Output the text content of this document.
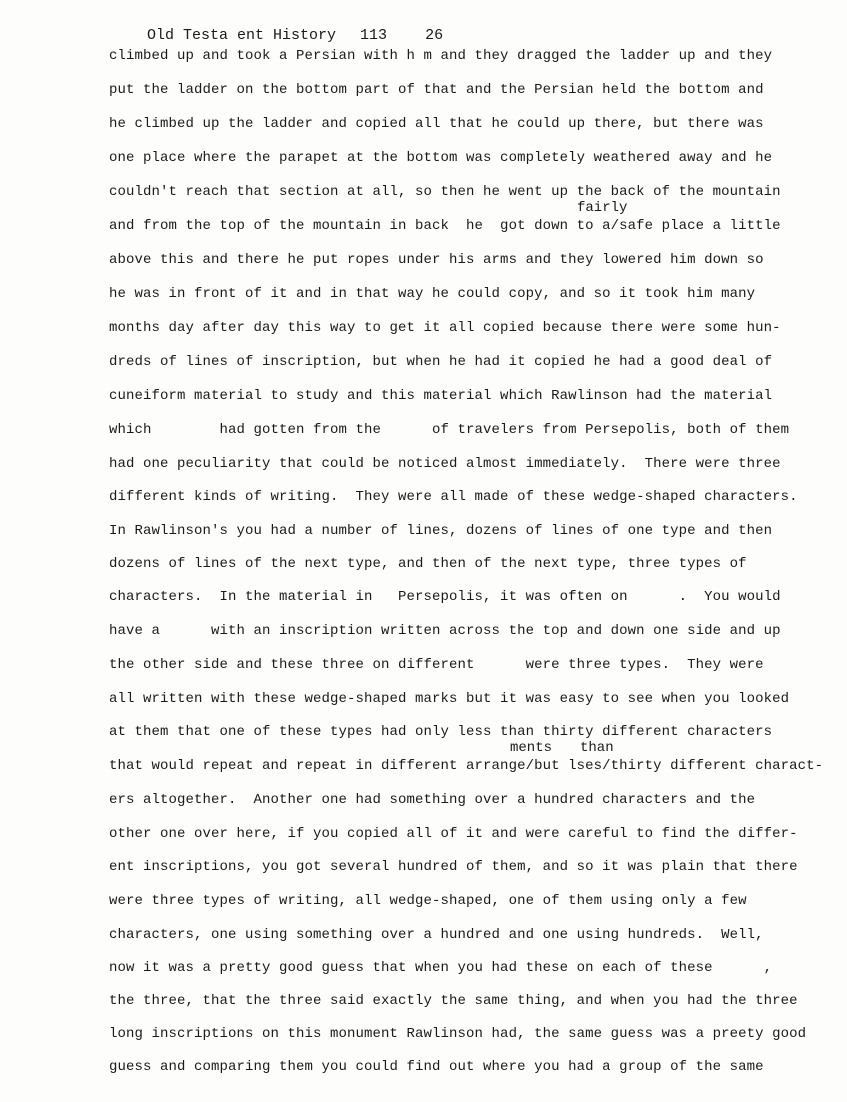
Old Testa ent History 113	26

climbed up and took a Persian with h m and they dragged the ladder up and they
put the ladder on the bottom part of that and the Persian held the bottom and
he climbed up the ladder and copied all that he could up there, but there was
one place where the parapet at the bottom was completely weathered away and he
couldn't reach that section at all, so then he went up the back of the mountain
fairly
and from the top of the mountain in back  he  got down to a/safe place a little
above this and there he put ropes under his arms and they lowered him down so
he was in front of it and in that way he could copy, and so it took him many
months day after day this way to get it all copied because there were some hun-
dreds of lines of inscription, but when he had it copied he had a good deal of
cuneiform material to study and this material which Rawlinson had the material
which        had gotten from the      of travelers from Persepolis, both of them
had one peculiarity that could be noticed almost immediately.  There were three
different kinds of writing.  They were all made of these wedge-shaped characters.
In Rawlinson's you had a number of lines, dozens of lines of one type and then
dozens of lines of the next type, and then of the next type, three types of
characters.  In the material in   Persepolis, it was often on      .  You would
have a      with an inscription written across the top and down one side and up
the other side and these three on different      were three types.  They were
all written with these wedge-shaped marks but it was easy to see when you looked
at them that one of these types had only less than thirty different characters
ments than
that would repeat and repeat in different arrange/but lses/thirty different charact-
ers altogether.  Another one had something over a hundred characters and the
other one over here, if you copied all of it and were careful to find the differ-
ent inscriptions, you got several hundred of them, and so it was plain that there
were three types of writing, all wedge-shaped, one of them using only a few
characters, one using something over a hundred and one using hundreds.  Well,
now it was a pretty good guess that when you had these on each of these      ,
the three, that the three said exactly the same thing, and when you had the three
long inscriptions on this monument Rawlinson had, the same guess was a preety good
guess and comparing them you could find out where you had a group of the same
